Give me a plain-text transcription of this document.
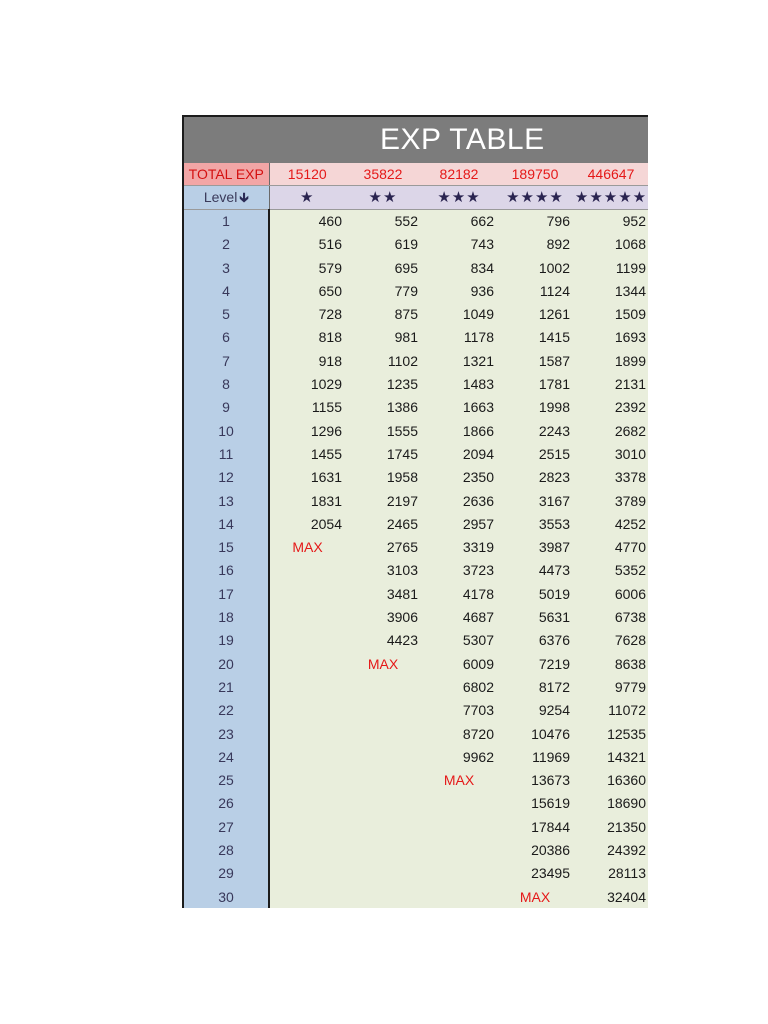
EXP TABLE
TOTAL EXP	15120	35822	82182	189750	446647
Level 🡳	★	★★	★★★	★★★★	★★★★★
1	460	552	662	796	952
2	516	619	743	892	1068
3	579	695	834	1002	1199
4	650	779	936	1124	1344
5	728	875	1049	1261	1509
6	818	981	1178	1415	1693
7	918	1102	1321	1587	1899
8	1029	1235	1483	1781	2131
9	1155	1386	1663	1998	2392
10	1296	1555	1866	2243	2682
11	1455	1745	2094	2515	3010
12	1631	1958	2350	2823	3378
13	1831	2197	2636	3167	3789
14	2054	2465	2957	3553	4252
15	MAX	2765	3319	3987	4770
16		3103	3723	4473	5352
17		3481	4178	5019	6006
18		3906	4687	5631	6738
19		4423	5307	6376	7628
20		MAX	6009	7219	8638
21			6802	8172	9779
22			7703	9254	11072
23			8720	10476	12535
24			9962	11969	14321
25			MAX	13673	16360
26				15619	18690
27				17844	21350
28				20386	24392
29				23495	28113
30				MAX	32404
